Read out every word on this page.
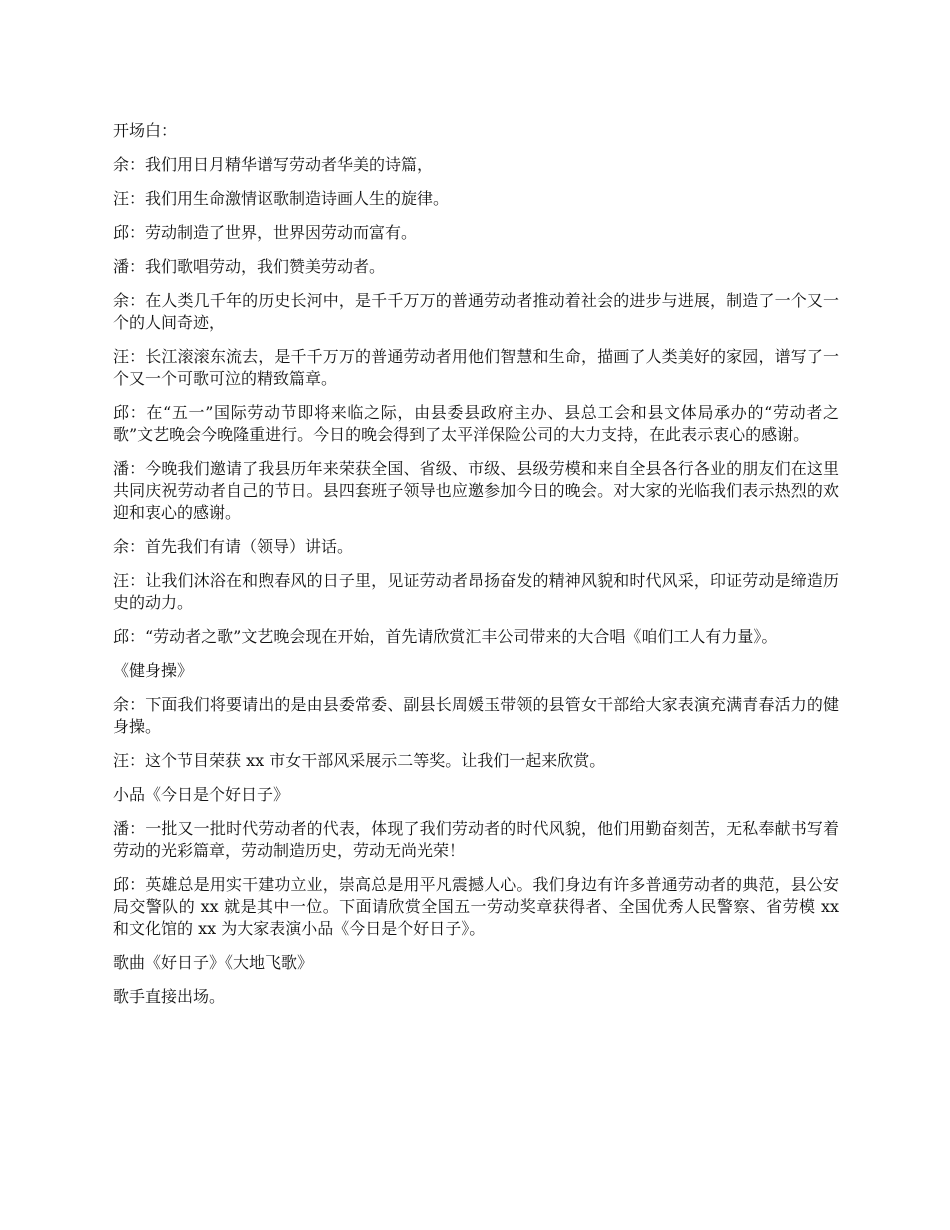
开场白：

余：我们用日月精华谱写劳动者华美的诗篇，

汪：我们用生命激情讴歌制造诗画人生的旋律。

邱：劳动制造了世界，世界因劳动而富有。

潘：我们歌唱劳动，我们赞美劳动者。

余：在人类几千年的历史长河中，是千千万万的普通劳动者推动着社会的进步与进展，制造了一个又一个的人间奇迹，

汪：长江滚滚东流去，是千千万万的普通劳动者用他们智慧和生命，描画了人类美好的家园，谱写了一个又一个可歌可泣的精致篇章。

邱：在“五一”国际劳动节即将来临之际，由县委县政府主办、县总工会和县文体局承办的“劳动者之歌”文艺晚会今晚隆重进行。今日的晚会得到了太平洋保险公司的大力支持，在此表示衷心的感谢。

潘：今晚我们邀请了我县历年来荣获全国、省级、市级、县级劳模和来自全县各行各业的朋友们在这里共同庆祝劳动者自己的节日。县四套班子领导也应邀参加今日的晚会。对大家的光临我们表示热烈的欢迎和衷心的感谢。

余：首先我们有请（领导）讲话。

汪：让我们沐浴在和煦春风的日子里，见证劳动者昂扬奋发的精神风貌和时代风采，印证劳动是缔造历史的动力。

邱：“劳动者之歌”文艺晚会现在开始，首先请欣赏汇丰公司带来的大合唱《咱们工人有力量》。

《健身操》

余：下面我们将要请出的是由县委常委、副县长周媛玉带领的县管女干部给大家表演充满青春活力的健身操。

汪：这个节目荣获 xx 市女干部风采展示二等奖。让我们一起来欣赏。

小品《今日是个好日子》

潘：一批又一批时代劳动者的代表，体现了我们劳动者的时代风貌，他们用勤奋刻苦，无私奉献书写着劳动的光彩篇章，劳动制造历史，劳动无尚光荣！

邱：英雄总是用实干建功立业，崇高总是用平凡震撼人心。我们身边有许多普通劳动者的典范，县公安局交警队的 xx 就是其中一位。下面请欣赏全国五一劳动奖章获得者、全国优秀人民警察、省劳模 xx 和文化馆的 xx 为大家表演小品《今日是个好日子》。

歌曲《好日子》《大地飞歌》

歌手直接出场。
